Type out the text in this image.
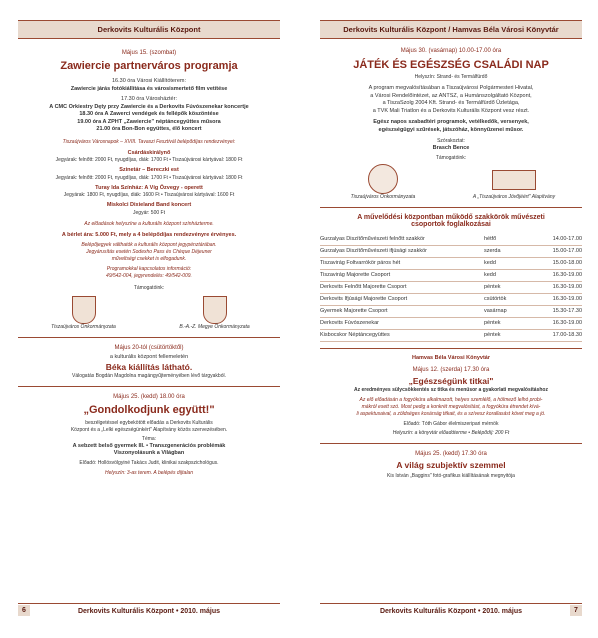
Derkovits Kulturális Központ
Május 15. (szombat)
Zawiercie partnerváros programja
16.30 óra Városi Kiállítóterem:
Zawiercie járás fotókiállítása és városismertető film vetítése
17.30 óra Városháztér:
A CMC Orkiestry Dęty przy Zawiercie és a Derkovits Fúvószenekar koncertje
18.30 óra A Zawerci vendégek és fellépők köszöntése
19.00 óra A ZPHT „Zawiercie" néptáncegyüttes műsora
21.00 óra Bon-Bon együttes, élő koncert
Tiszaújváros Városnapok – XVIII. Tavaszi Fesztivál belépődíjas rendezvényei:
Csárdáskirálynő
Jegyárak: felnőtt: 2000 Ft, nyugdíjas, diák: 1700 Ft • Tiszaújvárosi kártyával: 1800 Ft
Szinetár – Bereczki est
Jegyárak: felnőtt: 2000 Ft, nyugdíjas, diák: 1700 Ft • Tiszaújvárosi kártyával: 1800 Ft
Turay Ida Színház: A Víg Özvegy - operett
Jegyárak: 1800 Ft, nyugdíjas, diák: 1600 Ft • Tiszaújvárosi kártyával: 1600 Ft
Miskolci Dixieland Band koncert
Jegyár: 500 Ft
Az előadások helyszíne a kulturális központ színházterme.
A bérlet ára: 5.000 Ft, mely a 4 belépődíjas rendezvényre érvényes.
Belépőjegyek válthatók a kulturális központ jegypénztárában.
Jegyárusítás esetén Sodexho Pass és Chèque Déjeuner
műveltségi csekket is elfogadunk.
Programokkal kapcsolatos információ:
49/542-004, jegyrendelés: 49/542-009.
Támogatóink:
Tiszaújváros Önkormányzata	B.-A.-Z. Megye Önkormányzata
Május 20-tól (csütörtöktől)
a kulturális központ fellemeletén
Béka kiállítás látható.
Válogatás Bogdán Magdolna magángyűjteményében lévő tárgyakból.
Május 25. (kedd) 18.00 óra
„Gondolkodjunk együtt!"
beszélgetéssel egybekötött előadás a Derkovits Kulturális
Központ és a „Lelki egészségünkért" Alapítvány közös szervezésében.
Téma:
A sebzett belső gyermek III. • Transzgenerációs problémák
Viszonyolásunk a Világban
Előadó: Hollósvölgyiné Takács Judit, klinikai szakpszichológus.
Helyszín: 3-as terem. A belépés díjtalan
6	Derkovits Kulturális Központ • 2010. május
Derkovits Kulturális Központ / Hamvas Béla Városi Könyvtár
Május 30. (vasárnap) 10.00-17.00 óra
JÁTÉK ÉS EGÉSZSÉG CSALÁDI NAP
Helyszín: Strand- és Termálfürdő
A program megvalósításában a Tiszaújvárosi Polgármesteri Hivatal,
a Városi Rendelőintézet, az ANTSZ, a Humánszolgáltató Központ,
a TiszaSzolg 2004 Kft. Strand- és Termálfürdő Üzletága,
a TVK Mali Triatlon és a Derkovits Kulturális Központ vesz részt.
Egész napos szabadtéri programok, vetélkedők, versenyek,
egészségügyi szűrések, játszóház, könnyűzenei műsor.
Szórakoztat:
Brasch Bence
Támogatóink:
Tiszaújváros Önkormányzata	A „Tiszaújváros Jövőjéért" Alapítvány
A művelődési központban működő szakkörök művészeti
csoportok foglalkozásai
Gurzalyas Diszítőművészeti felnőtt szakkör	hétfő	14.00-17.00
Gurzalyas Diszítőművészeti ifjúsági szakkör	szerda	15.00-17.00
Tiszavirág Foltvarrókör páros hét	kedd	15.00-18.00
Tiszavirág Majorette Csoport	kedd	16.30-19.00
Derkovits Felnőtt Majorette Csoport	péntek	16.30-19.00
Derkovits Ifjúsági Majorette Csoport	csütörtök	16.30-19.00
Gyermek Majorette Csoport	vasárnap	15.30-17.30
Derkovits Fúvószenekar	péntek	16.30-19.00
Kisbocskor Néptáncegyüttes	péntek	17.00-18.30
Hamvas Béla Városi Könyvtár
Május 12. (szerda) 17.30 óra
„Egészségünk titkai"
Az eredményes sülycsökkentés sz titka és menüsor a gyakorlati megvalósításhoz
Az elő előadásán a fogyókúra alkalmazott, helyes szemlélő, a hölmező lelhó probi-
mákról esett szó. Most pedig a konkrét megvalósítást, a fogyókúra étrendet kívá-
li aspektusaival, a zöldséges kosárság titkait, és a szívesz korallasást követ meg a jó.
Előadó: Tóth Gábor élelmiszeripari mérnök
Helyszín: a könyvtár előadóterme • Belépődíj: 200 Ft
Május 25. (kedd) 17.30 óra
A világ szubjektív szemmel
Kis István „Baggins" fotó-grafikus kiállításának megnyitója
Derkovits Kulturális Központ • 2010. május	7
